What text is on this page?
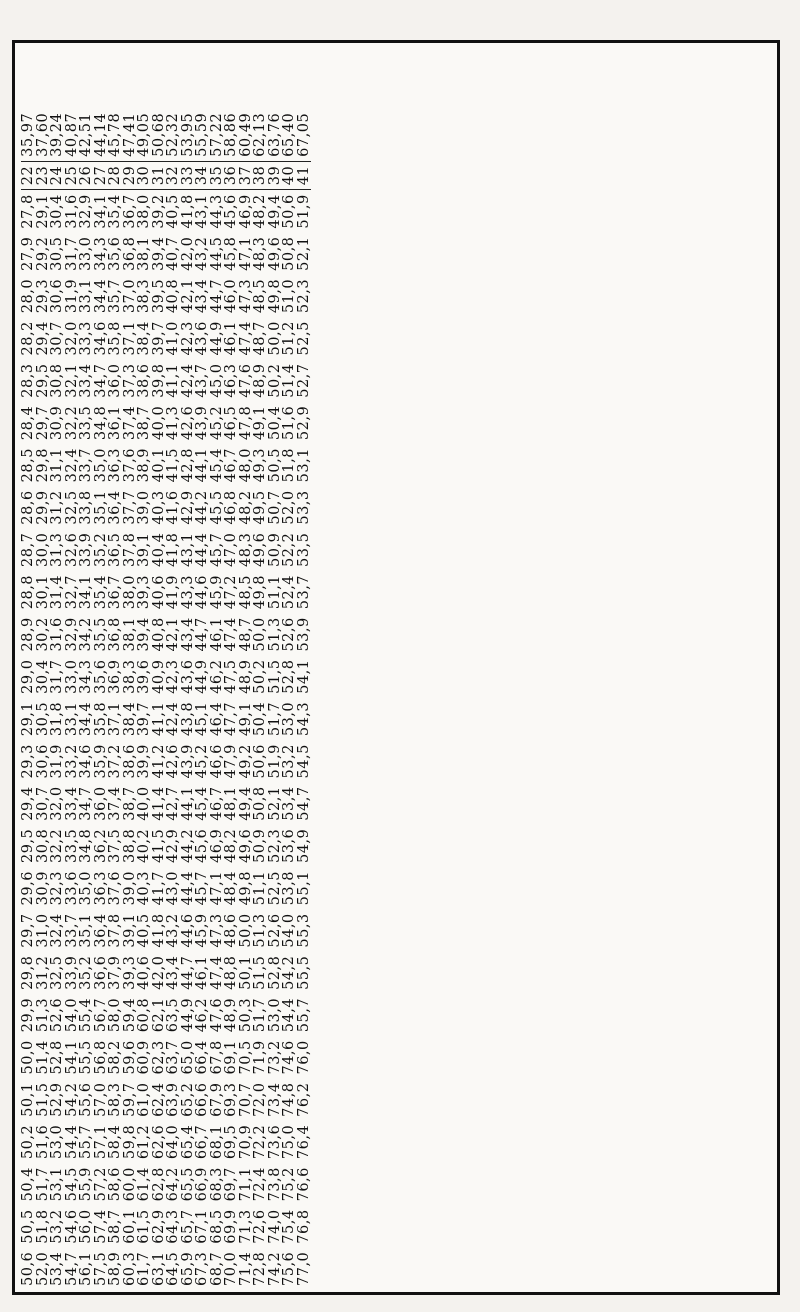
50,6	50,5	50,4	50,2	50,1	50,0	29,9	29,8	29,7	29,6	29,5	29,4	29,3	29,1	29,0	28,9	28,8	28,7	28,6	28,5	28,4	28,3	28,2	28,0	27,9	27,8	22	35,97
52,0	51,8	51,7	51,6	51,5	51,4	51,3	31,2	31,0	30,9	30,8	30,7	30,6	30,5	30,4	30,2	30,1	30,0	29,9	29,8	29,7	29,5	29,4	29,3	29,2	29,1	23	37,60
53,4	53,2	53,1	53,0	52,9	52,8	52,6	32,5	32,4	32,3	32,2	32,0	31,9	31,8	31,7	31,6	31,4	31,3	31,2	31,1	30,9	30,8	30,7	30,6	30,5	30,4	24	39,24
54,7	54,6	54,5	54,4	54,2	54,1	54,0	33,9	33,7	33,6	33,5	33,4	33,2	33,1	33,0	32,9	32,7	32,6	32,5	32,4	32,2	32,1	32,0	31,9	31,7	31,6	25	40,87
56,1	56,0	55,9	55,7	55,6	55,5	55,4	35,2	35,1	35,0	34,8	34,7	34,6	34,4	34,3	34,2	34,1	33,9	33,8	33,7	33,5	33,4	33,3	33,1	33,0	32,9	26	42,51
57,5	57,4	57,2	57,1	57,0	56,8	56,7	36,6	36,4	36,3	36,2	36,0	35,9	35,8	35,6	35,5	35,4	35,2	35,1	35,0	34,8	34,7	34,6	34,4	34,3	34,1	27	44,14
58,9	58,7	58,6	58,4	58,3	58,2	58,0	37,9	37,8	37,6	37,5	37,4	37,2	37,1	36,9	36,8	36,7	36,5	36,4	36,3	36,1	36,0	35,8	35,7	35,6	35,4	28	45,78
60,3	60,1	60,0	59,8	59,7	59,6	59,4	39,3	39,1	39,0	38,8	38,7	38,6	38,4	38,3	38,1	38,0	37,8	37,7	37,6	37,4	37,3	37,1	37,0	36,8	36,7	29	47,41
61,7	61,5	61,4	61,2	61,0	60,9	60,8	40,6	40,5	40,3	40,2	40,0	39,9	39,7	39,6	39,4	39,3	39,1	39,0	38,9	38,7	38,6	38,4	38,3	38,1	38,0	30	49,05
63,1	62,9	62,8	62,6	62,4	62,3	62,1	42,0	41,8	41,7	41,5	41,4	41,2	41,1	40,9	40,8	40,6	40,4	40,3	40,1	40,0	39,8	39,7	39,5	39,4	39,2	31	50,68
64,5	64,3	64,2	64,0	63,9	63,7	63,5	43,4	43,2	43,0	42,9	42,7	42,6	42,4	42,3	42,1	41,9	41,8	41,6	41,5	41,3	41,1	41,0	40,8	40,7	40,5	32	52,32
65,9	65,7	65,5	65,4	65,2	65,0	44,9	44,7	44,6	44,4	44,2	44,1	43,9	43,8	43,6	43,4	43,3	43,1	42,9	42,8	42,6	42,4	42,3	42,1	42,0	41,8	33	53,95
67,3	67,1	66,9	66,7	66,6	66,4	46,2	46,1	45,9	45,7	45,6	45,4	45,2	45,1	44,9	44,7	44,6	44,4	44,2	44,1	43,9	43,7	43,6	43,4	43,2	43,1	34	55,59
68,7	68,5	68,3	68,1	67,9	67,8	47,6	47,4	47,3	47,1	46,9	46,7	46,6	46,4	46,2	46,1	45,9	45,7	45,5	45,4	45,2	45,0	44,9	44,7	44,5	44,3	35	57,22
70,0	69,9	69,7	69,5	69,3	69,1	48,9	48,8	48,6	48,4	48,2	48,1	47,9	47,7	47,5	47,4	47,2	47,0	46,8	46,7	46,5	46,3	46,1	46,0	45,8	45,6	36	58,86
71,4	71,3	71,1	70,9	70,7	70,5	50,3	50,1	50,0	49,8	49,6	49,4	49,2	49,1	48,9	48,7	48,5	48,3	48,2	48,0	47,8	47,6	47,4	47,3	47,1	46,9	37	60,49
72,8	72,6	72,4	72,2	72,0	71,9	51,7	51,5	51,3	51,1	50,9	50,8	50,6	50,4	50,2	50,0	49,8	49,6	49,5	49,3	49,1	48,9	48,7	48,5	48,3	48,2	38	62,13
74,2	74,0	73,8	73,6	73,4	73,2	53,0	52,8	52,6	52,5	52,3	52,1	51,9	51,7	51,5	51,3	51,1	50,9	50,7	50,5	50,4	50,2	50,0	49,8	49,6	49,4	39	63,76
75,6	75,4	75,2	75,0	74,8	74,6	54,4	54,2	54,0	53,8	53,6	53,4	53,2	53,0	52,8	52,6	52,4	52,2	52,0	51,8	51,6	51,4	51,2	51,0	50,8	50,6	40	65,40
77,0	76,8	76,6	76,4	76,2	76,0	55,7	55,5	55,3	55,1	54,9	54,7	54,5	54,3	54,1	53,9	53,7	53,5	53,3	53,1	52,9	52,7	52,5	52,3	52,1	51,9	41	67,05
